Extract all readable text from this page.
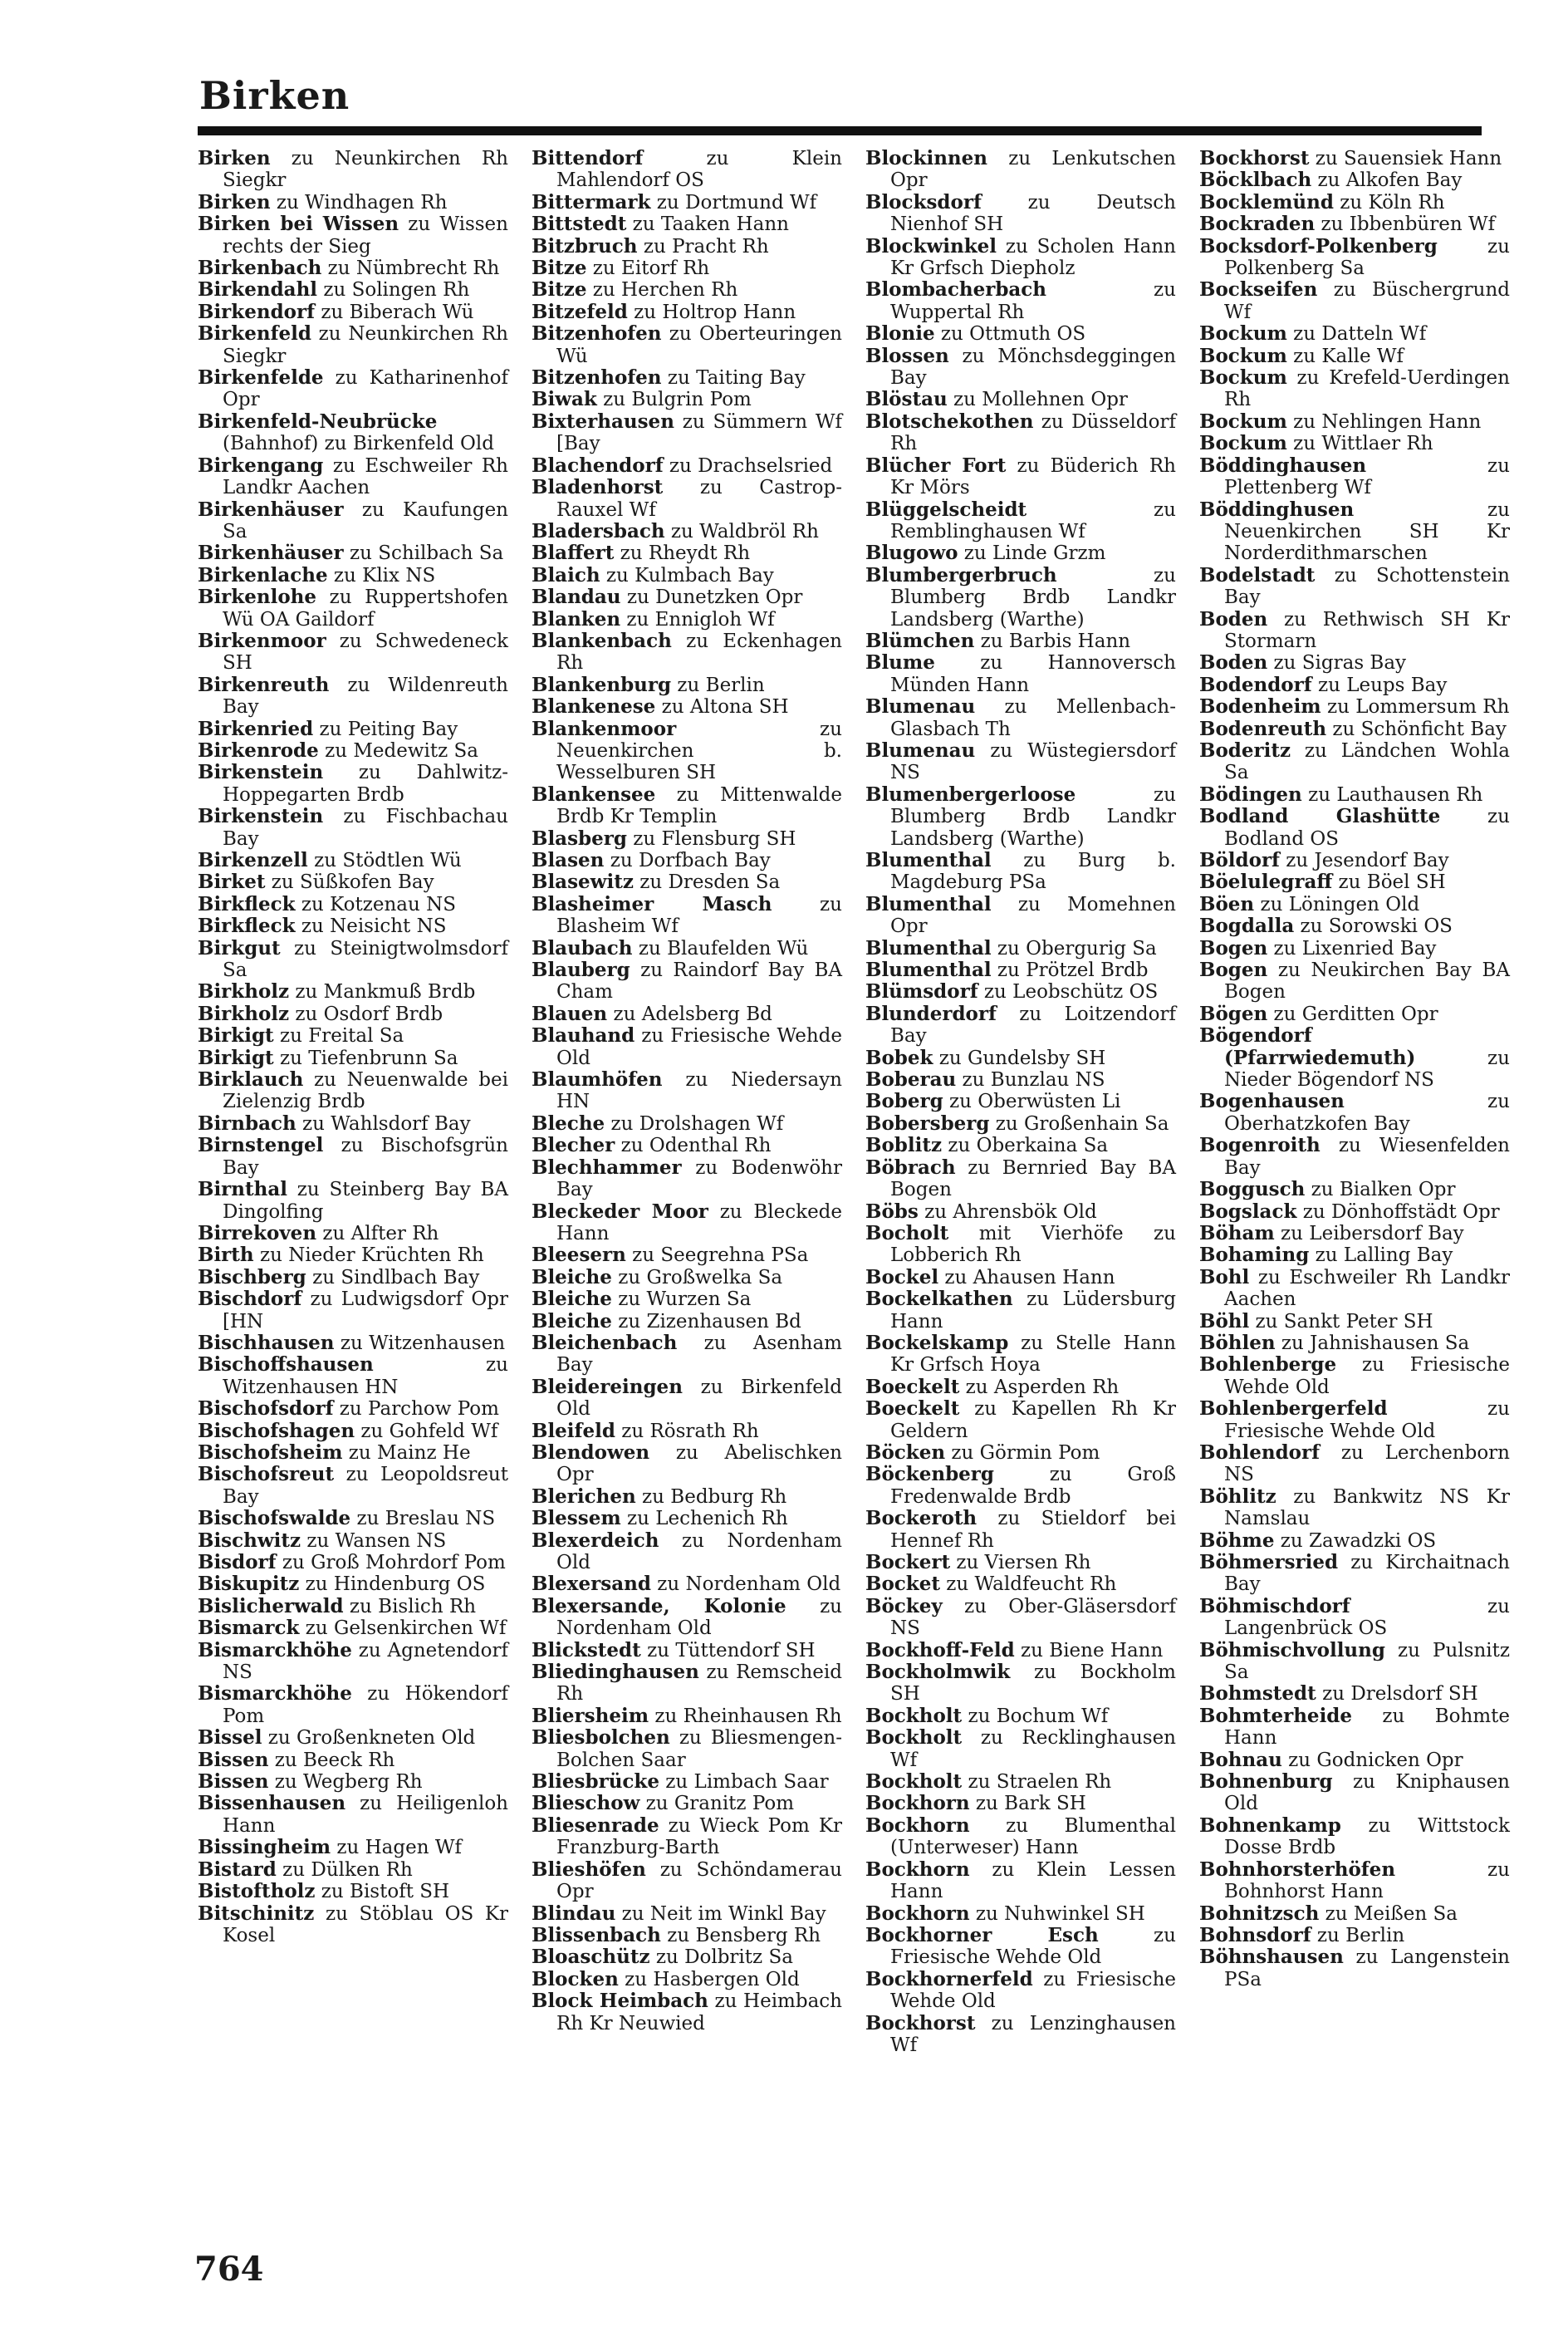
Birken
Birken zu Neunkirchen Rh Siegkr
Birken zu Windhagen Rh
Birken bei Wissen zu Wissen rechts der Sieg
Birkenbach zu Nümbrecht Rh
Birkendahl zu Solingen Rh
Birkendorf zu Biberach Wü
Birkenfeld zu Neunkirchen Rh Siegkr
Birkenfelde zu Katharinenhof Opr
Birkenfeld-Neubrücke (Bahnhof) zu Birkenfeld Old
Birkengang zu Eschweiler Rh Landkr Aachen
Birkenhäuser zu Kaufungen Sa
Birkenhäuser zu Schilbach Sa
Birkenlache zu Klix NS
Birkenlohe zu Ruppertshofen Wü OA Gaildorf
Birkenmoor zu Schwedeneck SH
Birkenreuth zu Wildenreuth Bay
Birkenried zu Peiting Bay
Birkenrode zu Medewitz Sa
Birkenstein zu Dahlwitz-Hoppegarten Brdb
Birkenstein zu Fischbachau Bay
Birkenzell zu Stödtlen Wü
Birket zu Süßkofen Bay
Birkfleck zu Kotzenau NS
Birkfleck zu Neisicht NS
Birkgut zu Steinigtwolmsdorf Sa
Birkholz zu Mankmuß Brdb
Birkholz zu Osdorf Brdb
Birkigt zu Freital Sa
Birkigt zu Tiefenbrunn Sa
Birklauch zu Neuenwalde bei Zielenzig Brdb
Birnbach zu Wahlsdorf Bay
Birnstengel zu Bischofsgrün Bay
Birnthal zu Steinberg Bay BA Dingolfing
Birrekoven zu Alfter Rh
Birth zu Nieder Krüchten Rh
Bischberg zu Sindlbach Bay
Bischdorf zu Ludwigsdorf Opr [HN
Bischhausen zu Witzenhausen
Bischoffshausen zu Witzenhausen HN
Bischofsdorf zu Parchow Pom
Bischofshagen zu Gohfeld Wf
Bischofsheim zu Mainz He
Bischofsreut zu Leopoldsreut Bay
Bischofswalde zu Breslau NS
Bischwitz zu Wansen NS
Bisdorf zu Groß Mohrdorf Pom
Biskupitz zu Hindenburg OS
Bislicherwald zu Bislich Rh
Bismarck zu Gelsenkirchen Wf
Bismarckhöhe zu Agnetendorf NS
Bismarckhöhe zu Hökendorf Pom
Bissel zu Großenkneten Old
Bissen zu Beeck Rh
Bissen zu Wegberg Rh
Bissenhausen zu Heiligenloh Hann
Bissingheim zu Hagen Wf
Bistard zu Dülken Rh
Bistoftholz zu Bistoft SH
Bitschinitz zu Stöblau OS Kr Kosel
Bittendorf zu Klein Mahlendorf OS
Bittermark zu Dortmund Wf
Bittstedt zu Taaken Hann
Bitzbruch zu Pracht Rh
Bitze zu Eitorf Rh
Bitze zu Herchen Rh
Bitzefeld zu Holtrop Hann
Bitzenhofen zu Oberteuringen Wü
Bitzenhofen zu Taiting Bay
Biwak zu Bulgrin Pom
Bixterhausen zu Sümmern Wf [Bay
Blachendorf zu Drachselsried
Bladenhorst zu Castrop-Rauxel Wf
Bladersbach zu Waldbröl Rh
Blaffert zu Rheydt Rh
Blaich zu Kulmbach Bay
Blandau zu Dunetzken Opr
Blanken zu Ennigloh Wf
Blankenbach zu Eckenhagen Rh
Blankenburg zu Berlin
Blankenese zu Altona SH
Blankenmoor zu Neuenkirchen b. Wesselburen SH
Blankensee zu Mittenwalde Brdb Kr Templin
Blasberg zu Flensburg SH
Blasen zu Dorfbach Bay
Blasewitz zu Dresden Sa
Blasheimer Masch zu Blasheim Wf
Blaubach zu Blaufelden Wü
Blauberg zu Raindorf Bay BA Cham
Blauen zu Adelsberg Bd
Blauhand zu Friesische Wehde Old
Blaumhöfen zu Niedersayn HN
Bleche zu Drolshagen Wf
Blecher zu Odenthal Rh
Blechhammer zu Bodenwöhr Bay
Bleckeder Moor zu Bleckede Hann
Bleesern zu Seegrehna PSa
Bleiche zu Großwelka Sa
Bleiche zu Wurzen Sa
Bleiche zu Zizenhausen Bd
Bleichenbach zu Asenham Bay
Bleidereingen zu Birkenfeld Old
Bleifeld zu Rösrath Rh
Blendowen zu Abelischken Opr
Blerichen zu Bedburg Rh
Blessem zu Lechenich Rh
Blexerdeich zu Nordenham Old
Blexersand zu Nordenham Old
Blexersande, Kolonie zu Nordenham Old
Blickstedt zu Tüttendorf SH
Bliedinghausen zu Remscheid Rh
Bliersheim zu Rheinhausen Rh
Bliesbolchen zu Bliesmengen-Bolchen Saar
Bliesbrücke zu Limbach Saar
Blieschow zu Granitz Pom
Bliesenrade zu Wieck Pom Kr Franzburg-Barth
Blieshöfen zu Schöndamerau Opr
Blindau zu Neit im Winkl Bay
Blissenbach zu Bensberg Rh
Bloaschütz zu Dolbritz Sa
Blocken zu Hasbergen Old
Block Heimbach zu Heimbach Rh Kr Neuwied
Blockinnen zu Lenkutschen Opr
Blocksdorf zu Deutsch Nienhof SH
Blockwinkel zu Scholen Hann Kr Grfsch Diepholz
Blombacherbach zu Wuppertal Rh
Blonie zu Ottmuth OS
Blossen zu Mönchsdeggingen Bay
Blöstau zu Mollehnen Opr
Blotschekothen zu Düsseldorf Rh
Blücher Fort zu Büderich Rh Kr Mörs
Blüggelscheidt zu Remblinghausen Wf
Blugowo zu Linde Grzm
Blumbergerbruch zu Blumberg Brdb Landkr Landsberg (Warthe)
Blümchen zu Barbis Hann
Blume zu Hannoversch Münden Hann
Blumenau zu Mellenbach-Glasbach Th
Blumenau zu Wüstegiersdorf NS
Blumenbergerloose zu Blumberg Brdb Landkr Landsberg (Warthe)
Blumenthal zu Burg b. Magdeburg PSa
Blumenthal zu Momehnen Opr
Blumenthal zu Obergurig Sa
Blumenthal zu Prötzel Brdb
Blümsdorf zu Leobschütz OS
Blunderdorf zu Loitzendorf Bay
Bobek zu Gundelsby SH
Boberau zu Bunzlau NS
Boberg zu Oberwüsten Li
Bobersberg zu Großenhain Sa
Boblitz zu Oberkaina Sa
Böbrach zu Bernried Bay BA Bogen
Böbs zu Ahrensbök Old
Bocholt mit Vierhöfe zu Lobberich Rh
Bockel zu Ahausen Hann
Bockelkathen zu Lüdersburg Hann
Bockelskamp zu Stelle Hann Kr Grfsch Hoya
Boeckelt zu Asperden Rh
Boeckelt zu Kapellen Rh Kr Geldern
Böcken zu Görmin Pom
Böckenberg zu Groß Fredenwalde Brdb
Bockeroth zu Stieldorf bei Hennef Rh
Bockert zu Viersen Rh
Bocket zu Waldfeucht Rh
Böckey zu Ober-Gläsersdorf NS
Bockhoff-Feld zu Biene Hann
Bockholmwik zu Bockholm SH
Bockholt zu Bochum Wf
Bockholt zu Recklinghausen Wf
Bockholt zu Straelen Rh
Bockhorn zu Bark SH
Bockhorn zu Blumenthal (Unterweser) Hann
Bockhorn zu Klein Lessen Hann
Bockhorn zu Nuhwinkel SH
Bockhorner Esch zu Friesische Wehde Old
Bockhornerfeld zu Friesische Wehde Old
Bockhorst zu Lenzinghausen Wf
Bockhorst zu Sauensiek Hann
Böcklbach zu Alkofen Bay
Bocklemünd zu Köln Rh
Bockraden zu Ibbenbüren Wf
Bocksdorf-Polkenberg zu Polkenberg Sa
Bockseifen zu Büschergrund Wf
Bockum zu Datteln Wf
Bockum zu Kalle Wf
Bockum zu Krefeld-Uerdingen Rh
Bockum zu Nehlingen Hann
Bockum zu Wittlaer Rh
Böddinghausen zu Plettenberg Wf
Böddinghusen zu Neuenkirchen SH Kr Norderdithmarschen
Bodelstadt zu Schottenstein Bay
Boden zu Rethwisch SH Kr Stormarn
Boden zu Sigras Bay
Bodendorf zu Leups Bay
Bodenheim zu Lommersum Rh
Bodenreuth zu Schönficht Bay
Boderitz zu Ländchen Wohla Sa
Bödingen zu Lauthausen Rh
Bodland Glashütte zu Bodland OS
Böldorf zu Jesendorf Bay
Böelulegraff zu Böel SH
Böen zu Löningen Old
Bogdalla zu Sorowski OS
Bogen zu Lixenried Bay
Bogen zu Neukirchen Bay BA Bogen
Bögen zu Gerditten Opr
Bögendorf (Pfarrwiedemuth) zu Nieder Bögendorf NS
Bogenhausen zu Oberhatzkofen Bay
Bogenroith zu Wiesenfelden Bay
Boggusch zu Bialken Opr
Bogslack zu Dönhoffstädt Opr
Böham zu Leibersdorf Bay
Bohaming zu Lalling Bay
Bohl zu Eschweiler Rh Landkr Aachen
Böhl zu Sankt Peter SH
Böhlen zu Jahnishausen Sa
Bohlenberge zu Friesische Wehde Old
Bohlenbergerfeld zu Friesische Wehde Old
Bohlendorf zu Lerchenborn NS
Böhlitz zu Bankwitz NS Kr Namslau
Böhme zu Zawadzki OS
Böhmersried zu Kirchaitnach Bay
Böhmischdorf zu Langenbrück OS
Böhmischvollung zu Pulsnitz Sa
Bohmstedt zu Drelsdorf SH
Bohmterheide zu Bohmte Hann
Bohnau zu Godnicken Opr
Bohnenburg zu Kniphausen Old
Bohnenkamp zu Wittstock Dosse Brdb
Bohnhorsterhöfen zu Bohnhorst Hann
Bohnitzsch zu Meißen Sa
Bohnsdorf zu Berlin
Böhnshausen zu Langenstein PSa
764
